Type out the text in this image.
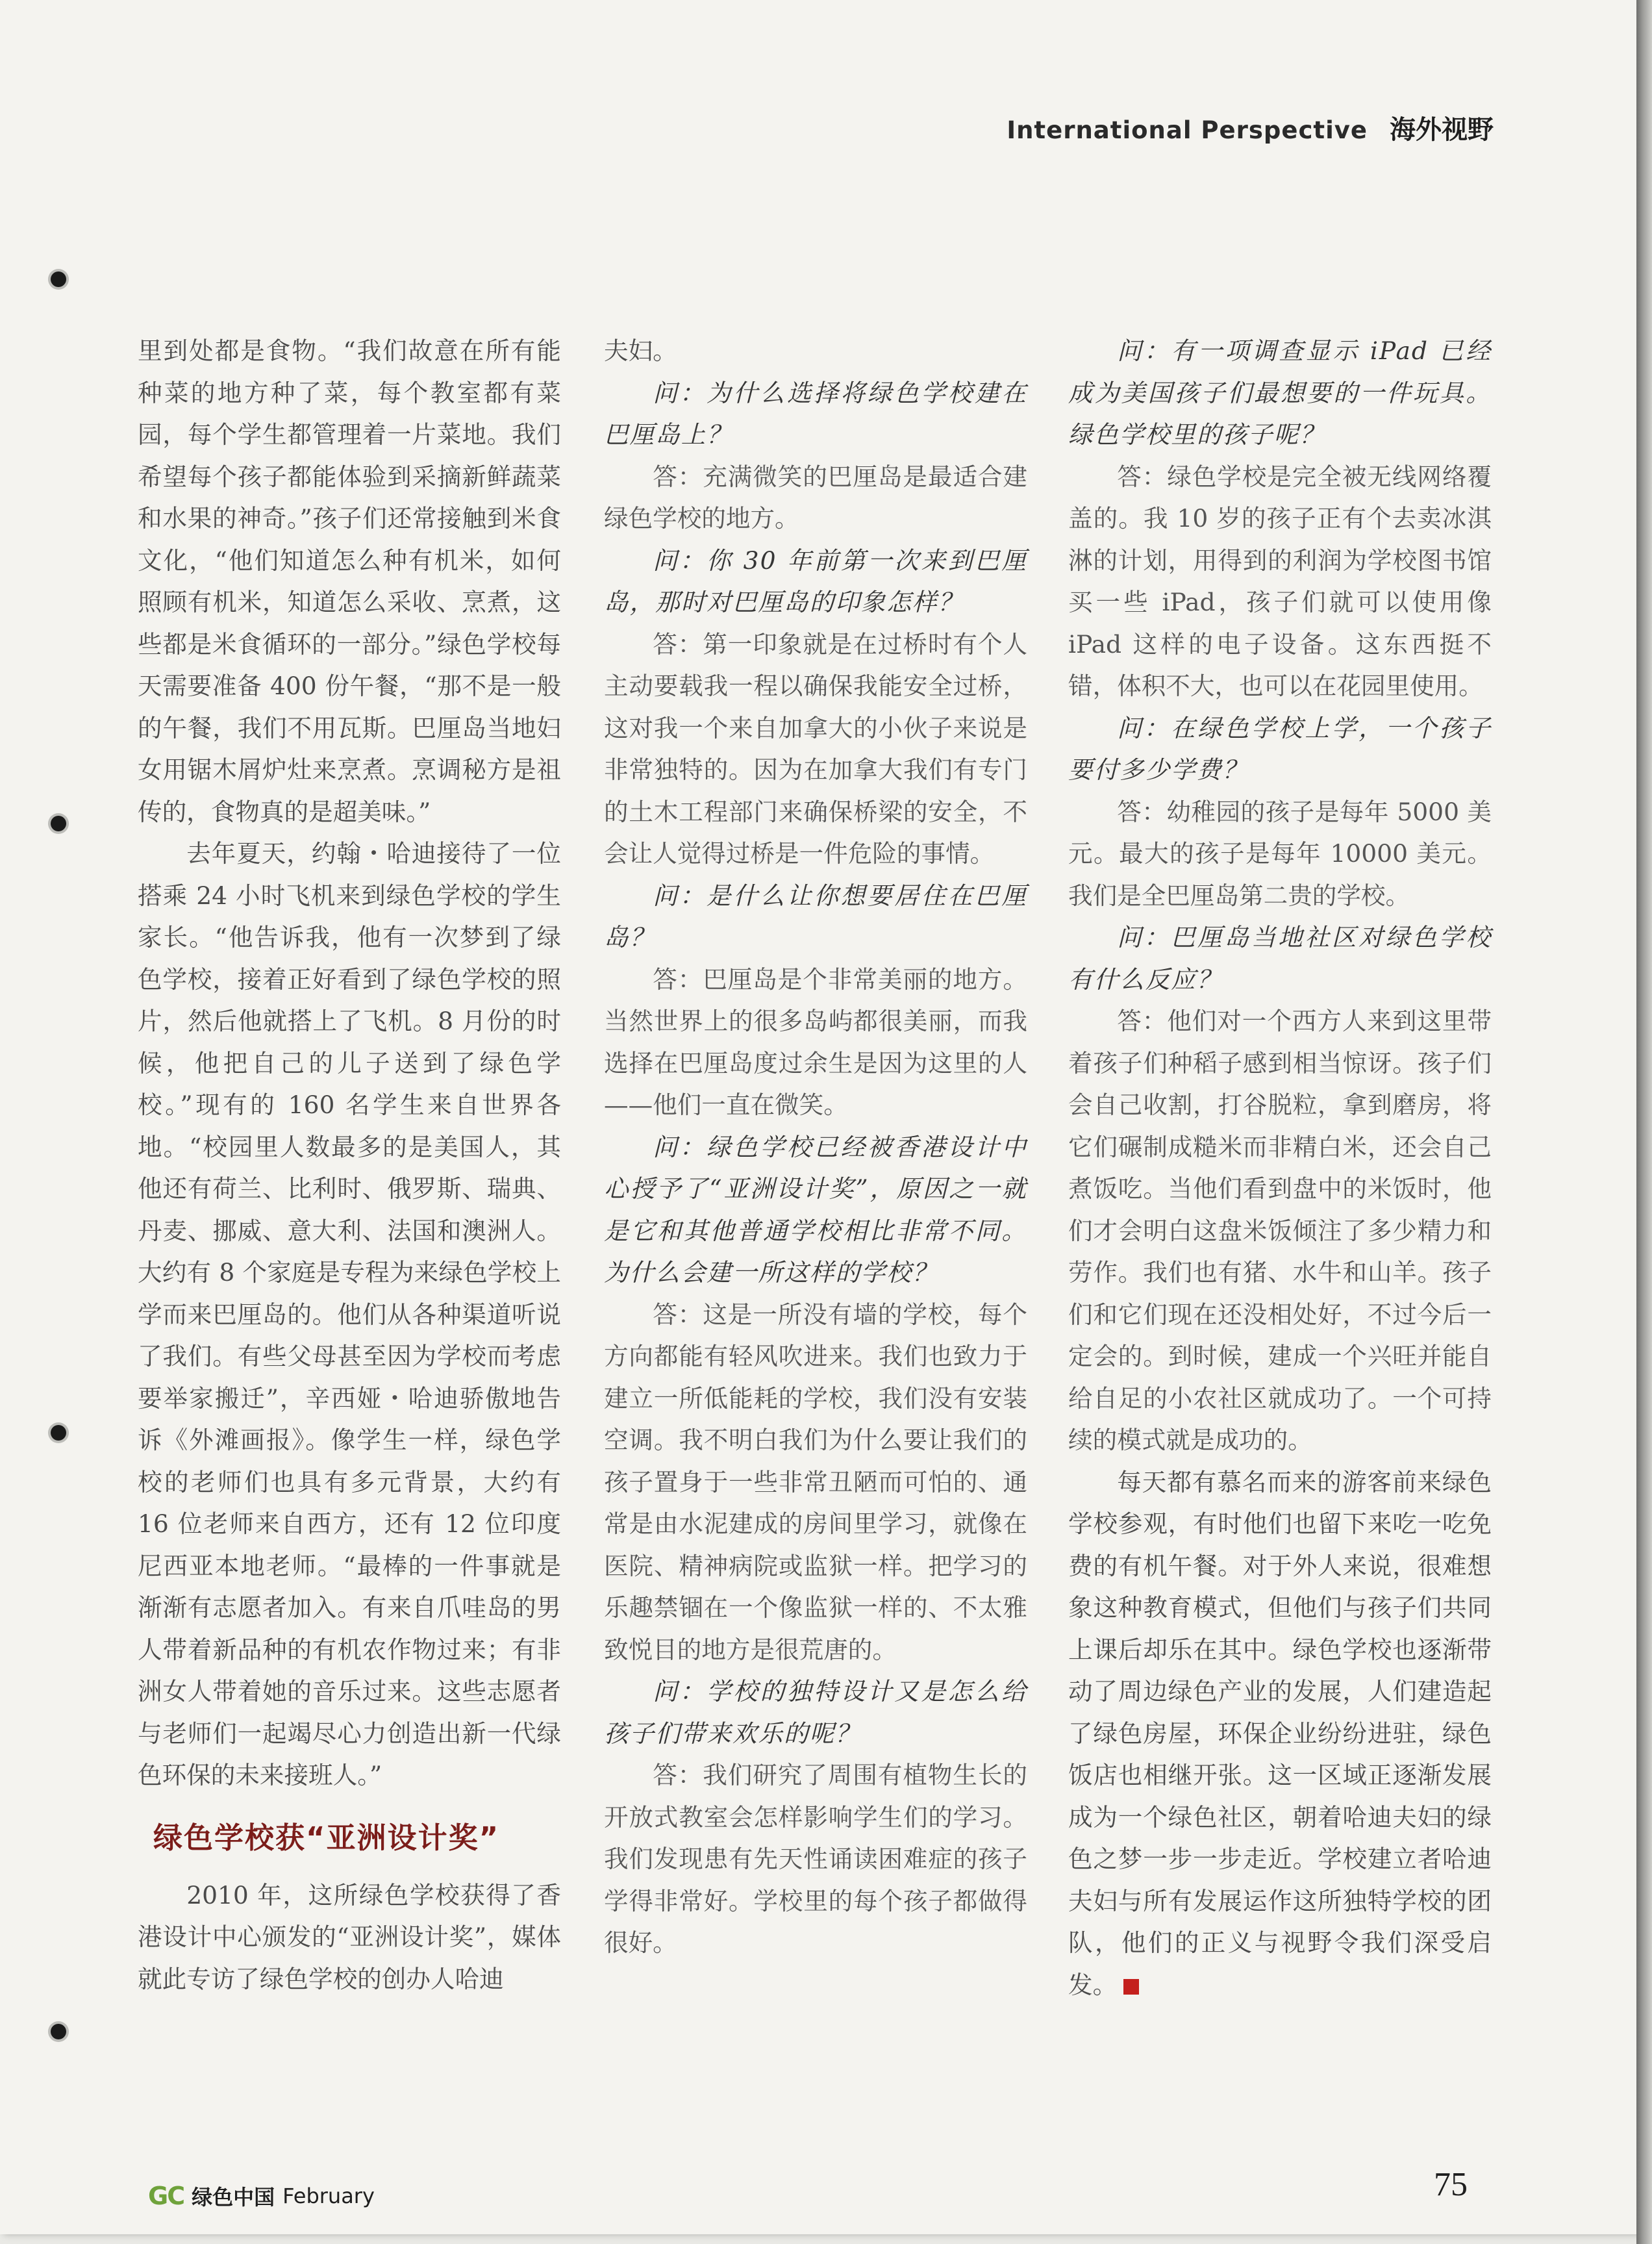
International Perspective 海外视野

里到处都是食物。“我们故意在所有能种菜的地方种了菜，每个教室都有菜园，每个学生都管理着一片菜地。我们希望每个孩子都能体验到采摘新鲜蔬菜和水果的神奇。”孩子们还常接触到米食文化，“他们知道怎么种有机米，如何照顾有机米，知道怎么采收、烹煮，这些都是米食循环的一部分。”绿色学校每天需要准备 400 份午餐，“那不是一般的午餐，我们不用瓦斯。巴厘岛当地妇女用锯木屑炉灶来烹煮。烹调秘方是祖传的，食物真的是超美味。”

去年夏天，约翰・哈迪接待了一位搭乘 24 小时飞机来到绿色学校的学生家长。“他告诉我，他有一次梦到了绿色学校，接着正好看到了绿色学校的照片，然后他就搭上了飞机。8 月份的时候，他把自己的儿子送到了绿色学校。”现有的 160 名学生来自世界各地。“校园里人数最多的是美国人，其他还有荷兰、比利时、俄罗斯、瑞典、丹麦、挪威、意大利、法国和澳洲人。大约有 8 个家庭是专程为来绿色学校上学而来巴厘岛的。他们从各种渠道听说了我们。有些父母甚至因为学校而考虑要举家搬迁”，辛西娅・哈迪骄傲地告诉《外滩画报》。像学生一样，绿色学校的老师们也具有多元背景，大约有 16 位老师来自西方，还有 12 位印度尼西亚本地老师。“最棒的一件事就是渐渐有志愿者加入。有来自爪哇岛的男人带着新品种的有机农作物过来；有非洲女人带着她的音乐过来。这些志愿者与老师们一起竭尽心力创造出新一代绿色环保的未来接班人。”

绿色学校获“亚洲设计奖”

2010 年，这所绿色学校获得了香港设计中心颁发的“亚洲设计奖”，媒体就此专访了绿色学校的创办人哈迪

夫妇。

问：为什么选择将绿色学校建在巴厘岛上？

答：充满微笑的巴厘岛是最适合建绿色学校的地方。

问：你 30 年前第一次来到巴厘岛，那时对巴厘岛的印象怎样？

答：第一印象就是在过桥时有个人主动要载我一程以确保我能安全过桥，这对我一个来自加拿大的小伙子来说是非常独特的。因为在加拿大我们有专门的土木工程部门来确保桥梁的安全，不会让人觉得过桥是一件危险的事情。

问：是什么让你想要居住在巴厘岛？

答：巴厘岛是个非常美丽的地方。当然世界上的很多岛屿都很美丽，而我选择在巴厘岛度过余生是因为这里的人——他们一直在微笑。

问：绿色学校已经被香港设计中心授予了“亚洲设计奖”，原因之一就是它和其他普通学校相比非常不同。为什么会建一所这样的学校？

答：这是一所没有墙的学校，每个方向都能有轻风吹进来。我们也致力于建立一所低能耗的学校，我们没有安装空调。我不明白我们为什么要让我们的孩子置身于一些非常丑陋而可怕的、通常是由水泥建成的房间里学习，就像在医院、精神病院或监狱一样。把学习的乐趣禁锢在一个像监狱一样的、不太雅致悦目的地方是很荒唐的。

问：学校的独特设计又是怎么给孩子们带来欢乐的呢？

答：我们研究了周围有植物生长的开放式教室会怎样影响学生们的学习。我们发现患有先天性诵读困难症的孩子学得非常好。学校里的每个孩子都做得很好。

问：有一项调查显示 iPad 已经成为美国孩子们最想要的一件玩具。绿色学校里的孩子呢？

答：绿色学校是完全被无线网络覆盖的。我 10 岁的孩子正有个去卖冰淇淋的计划，用得到的利润为学校图书馆买一些 iPad，孩子们就可以使用像 iPad 这样的电子设备。这东西挺不错，体积不大，也可以在花园里使用。

问：在绿色学校上学，一个孩子要付多少学费？

答：幼稚园的孩子是每年 5000 美元。最大的孩子是每年 10000 美元。我们是全巴厘岛第二贵的学校。

问：巴厘岛当地社区对绿色学校有什么反应？

答：他们对一个西方人来到这里带着孩子们种稻子感到相当惊讶。孩子们会自己收割，打谷脱粒，拿到磨房，将它们碾制成糙米而非精白米，还会自己煮饭吃。当他们看到盘中的米饭时，他们才会明白这盘米饭倾注了多少精力和劳作。我们也有猪、水牛和山羊。孩子们和它们现在还没相处好，不过今后一定会的。到时候，建成一个兴旺并能自给自足的小农社区就成功了。一个可持续的模式就是成功的。

每天都有慕名而来的游客前来绿色学校参观，有时他们也留下来吃一吃免费的有机午餐。对于外人来说，很难想象这种教育模式，但他们与孩子们共同上课后却乐在其中。绿色学校也逐渐带动了周边绿色产业的发展，人们建造起了绿色房屋，环保企业纷纷进驻，绿色饭店也相继开张。这一区域正逐渐发展成为一个绿色社区，朝着哈迪夫妇的绿色之梦一步一步走近。学校建立者哈迪夫妇与所有发展运作这所独特学校的团队，他们的正义与视野令我们深受启发。

GC 绿色中国 February	75
